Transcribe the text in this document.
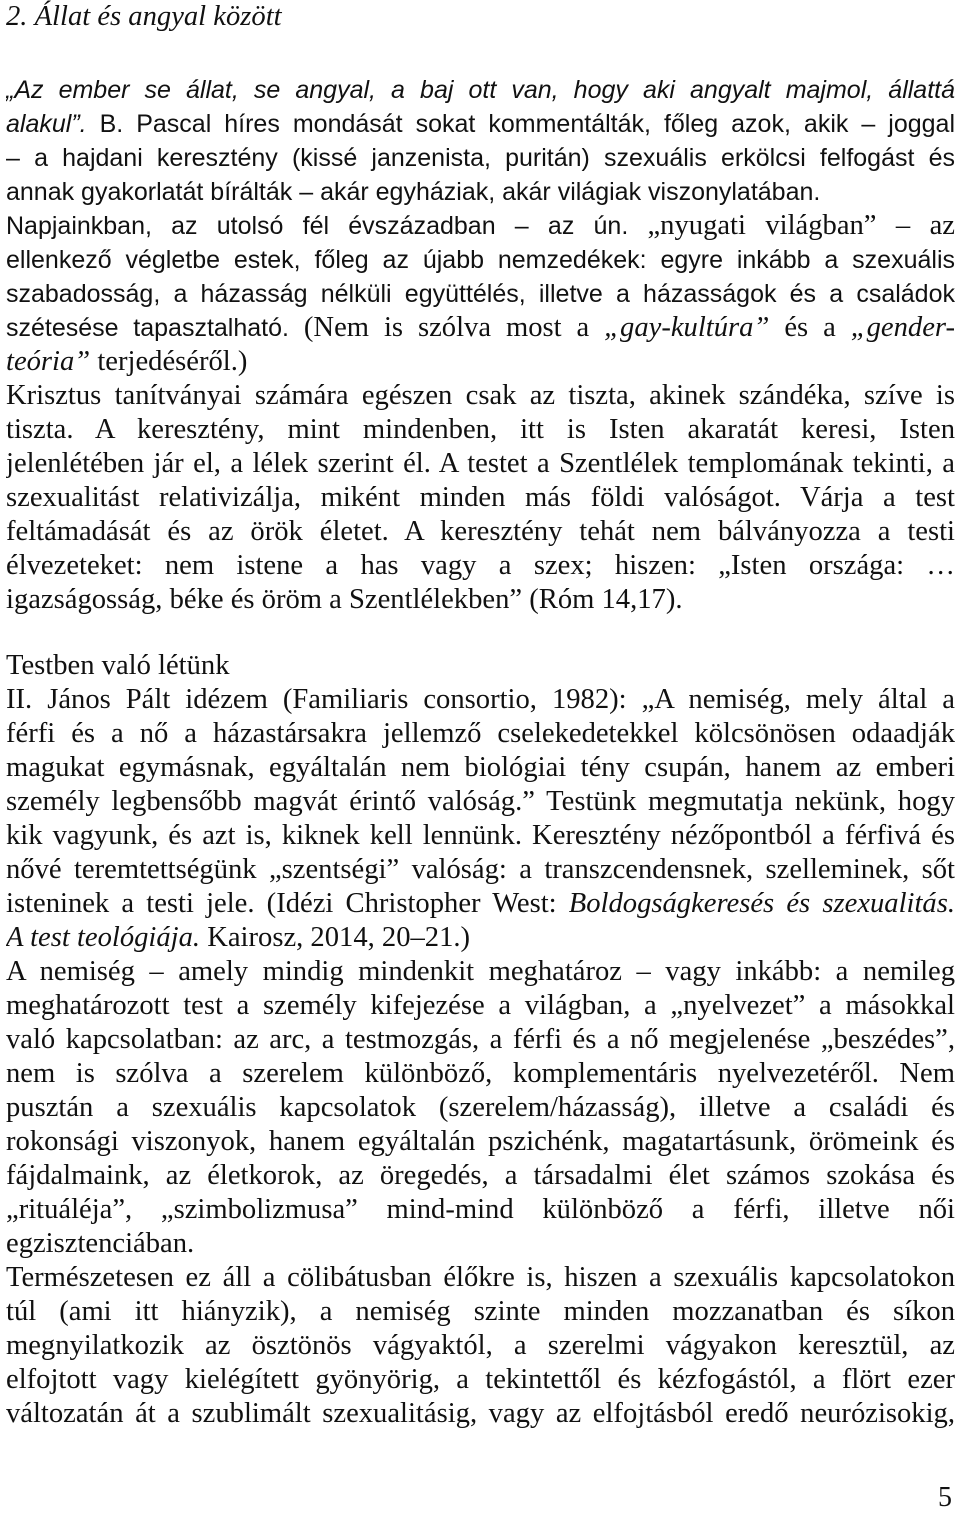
2. Állat és angyal között
„Az ember se állat, se angyal, a baj ott van, hogy aki angyalt majmol, állattá
alakul”. B. Pascal híres mondását sokat kommentálták, főleg azok, akik – joggal
– a hajdani keresztény (kissé janzenista, puritán) szexuális erkölcsi felfogást és
annak gyakorlatát bírálták – akár egyháziak, akár világiak viszonylatában.
Napjainkban, az utolsó fél évszázadban – az ún. „nyugati világban” – az
ellenkező végletbe estek, főleg az újabb nemzedékek: egyre inkább a szexuális
szabadosság, a házasság nélküli együttélés, illetve a házasságok és a családok
szétesése tapasztalható. (Nem is szólva most a „gay-kultúra” és a „gender-
teória” terjedéséről.)
Krisztus tanítványai számára egészen csak az tiszta, akinek szándéka, szíve is
tiszta. A keresztény, mint mindenben, itt is Isten akaratát keresi, Isten
jelenlétében jár el, a lélek szerint él. A testet a Szentlélek templomának tekinti, a
szexualitást relativizálja, miként minden más földi valóságot. Várja a test
feltámadását és az örök életet. A keresztény tehát nem bálványozza a testi
élvezeteket: nem istene a has vagy a szex; hiszen: „Isten országa: …
igazságosság, béke és öröm a Szentlélekben” (Róm 14,17).
Testben való létünk
II. János Pált idézem (Familiaris consortio, 1982): „A nemiség, mely által a
férfi és a nő a házastársakra jellemző cselekedetekkel kölcsönösen odaadják
magukat egymásnak, egyáltalán nem biológiai tény csupán, hanem az emberi
személy legbensőbb magvát érintő valóság.” Testünk megmutatja nekünk, hogy
kik vagyunk, és azt is, kiknek kell lennünk. Keresztény nézőpontból a férfivá és
nővé teremtettségünk „szentségi” valóság: a transzcendensnek, szelleminek, sőt
isteninek a testi jele. (Idézi Christopher West: Boldogságkeresés és szexualitás.
A test teológiája. Kairosz, 2014, 20–21.)
A nemiség – amely mindig mindenkit meghatároz – vagy inkább: a nemileg
meghatározott test a személy kifejezése a világban, a „nyelvezet” a másokkal
való kapcsolatban: az arc, a testmozgás, a férfi és a nő megjelenése „beszédes”,
nem is szólva a szerelem különböző, komplementáris nyelvezetéről. Nem
pusztán a szexuális kapcsolatok (szerelem/házasság), illetve a családi és
rokonsági viszonyok, hanem egyáltalán pszichénk, magatartásunk, örömeink és
fájdalmaink, az életkorok, az öregedés, a társadalmi élet számos szokása és
„rituáléja”, „szimbolizmusa” mind-mind különböző a férfi, illetve női
egzisztenciában.
Természetesen ez áll a cölibátusban élőkre is, hiszen a szexuális kapcsolatokon
túl (ami itt hiányzik), a nemiség szinte minden mozzanatban és síkon
megnyilatkozik az ösztönös vágyaktól, a szerelmi vágyakon keresztül, az
elfojtott vagy kielégített gyönyörig, a tekintettől és kézfogástól, a flört ezer
változatán át a szublimált szexualitásig, vagy az elfojtásból eredő neurózisokig,
5
